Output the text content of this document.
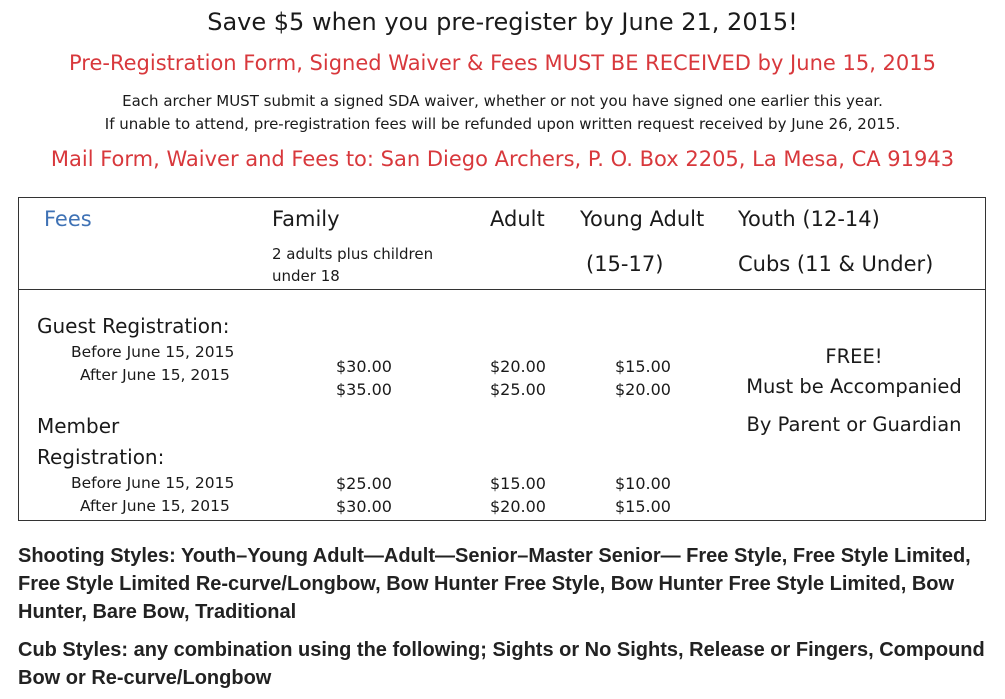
Save $5 when you pre-register by June 21, 2015!
Pre-Registration Form, Signed Waiver & Fees MUST BE RECEIVED by June 15, 2015
Each archer MUST submit a signed SDA waiver, whether or not you have signed one earlier this year.
If unable to attend, pre-registration fees will be refunded upon written request received by June 26, 2015.
Mail Form, Waiver and Fees to: San Diego Archers, P. O. Box 2205, La Mesa, CA 91943
Fees	Family
2 adults plus children
under 18
Adult Young Adult
(15-17)
Youth (12-14)
Cubs (11 & Under)
Guest Registration:
Before June 15, 2015
After June 15, 2015	$30.00
$35.00
$20.00
$25.00
$15.00
$20.00
FREE!
Must be Accompanied
By Parent or Guardian
Member
Registration:
Before June 15, 2015
After June 15, 2015
$25.00
$30.00
$15.00
$20.00
$10.00
$15.00
Shooting Styles: Youth–Young Adult—Adult—Senior–Master Senior— Free Style, Free Style Limited, Free Style Limited Re-curve/Longbow, Bow Hunter Free Style, Bow Hunter Free Style Limited, Bow Hunter, Bare Bow, Traditional
Cub Styles: any combination using the following; Sights or No Sights, Release or Fingers, Compound Bow or Re-curve/Longbow
